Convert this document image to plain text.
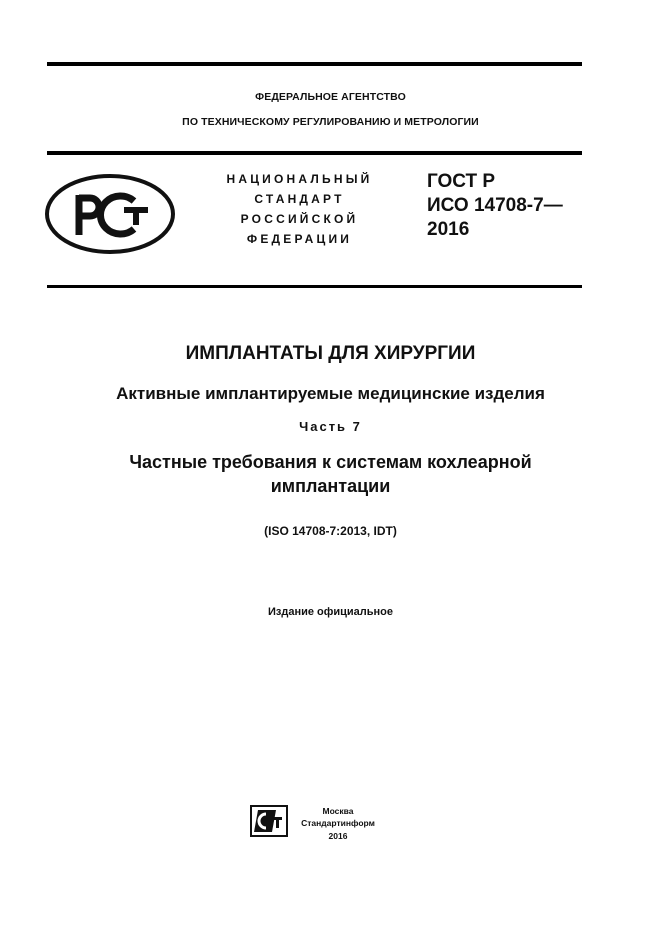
ФЕДЕРАЛЬНОЕ АГЕНТСТВО
ПО ТЕХНИЧЕСКОМУ РЕГУЛИРОВАНИЮ И МЕТРОЛОГИИ
НАЦИОНАЛЬНЫЙ
СТАНДАРТ
РОССИЙСКОЙ
ФЕДЕРАЦИИ
ГОСТ Р
ИСО 14708-7—
2016
ИМПЛАНТАТЫ ДЛЯ ХИРУРГИИ
Активные имплантируемые медицинские изделия
Часть 7
Частные требования к системам кохлеарной
имплантации
(ISO 14708-7:2013, IDT)
Издание официальное
Москва
Стандартинформ
2016
